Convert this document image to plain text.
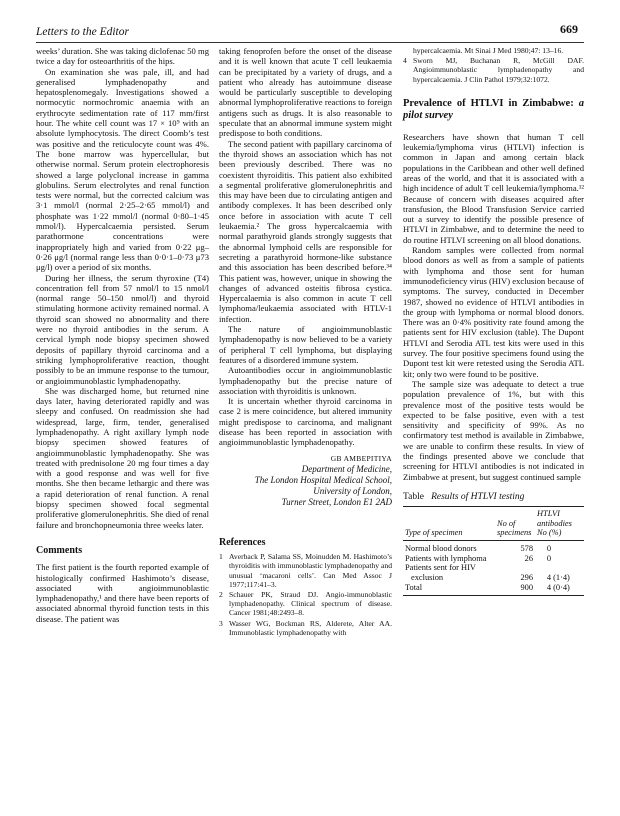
Letters to the Editor	669

weeks’ duration. She was taking diclofenac 50 mg twice a day for osteoarthritis of the hips.

On examination she was pale, ill, and had generalised lymphadenopathy and hepatosplenomegaly. Investigations showed a normocytic normochromic anaemia with an erythrocyte sedimentation rate of 117 mm/first hour. The white cell count was 17 × 10⁹ with an absolute lymphocytosis. The direct Coomb’s test was positive and the reticulocyte count was 4%. The bone marrow was hypercellular, but otherwise normal. Serum protein electrophoresis showed a large polyclonal increase in gamma globulins. Serum electrolytes and renal function tests were normal, but the corrected calcium was 3·1 mmol/l (normal 2·25–2·65 mmol/l) and phosphate was 1·22 mmol/l (normal 0·80–1·45 mmol/l). Hypercalcaemia persisted. Serum parathormone concentrations were inappropriately high and varied from 0·22 μg–0·26 μg/l (normal range less than 0·0·1–0·73 μ73 μg/l) over a period of six months.

During her illness, the serum thyroxine (T4) concentration fell from 57 nmol/l to 15 nmol/l (normal range 50–150 nmol/l) and thyroid stimulating hormone activity remained normal. A thyroid scan showed no abnormality and there were no thyroid antibodies in the serum. A cervical lymph node biopsy specimen showed deposits of papillary thyroid carcinoma and a striking lymphoproliferative reaction, thought possibly to be an immune response to the tumour, or angioimmunoblastic lymphadenopathy.

She was discharged home, but returned nine days later, having deteriorated rapidly and was sleepy and confused. On readmission she had widespread, large, firm, tender, generalised lymphadenopathy. A right axillary lymph node biopsy specimen showed features of angioimmunoblastic lymphadenopathy. She was treated with prednisolone 20 mg four times a day with a good response and was well for five months. She then became lethargic and there was a rapid deterioration of renal function. A renal biopsy specimen showed focal segmental proliferative glomerulonephritis. She died of renal failure and bronchopneumonia three weeks later.

Comments

The first patient is the fourth reported example of histologically confirmed Hashimoto’s disease, associated with angioimmunoblastic lymphadenopathy,¹ and there have been reports of associated abnormal thyroid function tests in this disease. The patient was

taking fenoprofen before the onset of the disease and it is well known that acute T cell leukaemia can be precipitated by a variety of drugs, and a patient who already has autoimmune disease would be particularly susceptible to developing abnormal lymphoproliferative reactions to foreign antigens such as drugs. It is also reasonable to speculate that an abnormal immune system might predispose to both conditions.

The second patient with papillary carcinoma of the thyroid shows an association which has not been previously described. There was no coexistent thyroiditis. This patient also exhibited a segmental proliferative glomerulonephritis and this may have been due to circulating antigen and antibody complexes. It has been described only once before in association with acute T cell leukaemia.² The gross hypercalcaemia with normal parathyroid glands strongly suggests that the abnormal lymphoid cells are responsible for secreting a parathyroid hormone-like substance and this association has been described before.³⁴ This patient was, however, unique in showing the changes of advanced osteitis fibrosa cystica. Hypercalaemia is also common in acute T cell lymphoma/leukaemia associated with HTLV-1 infection.

The nature of angioimmunoblastic lymphadenopathy is now believed to be a variety of peripheral T cell lymphoma, but displaying features of a disordered immune system.

Autoantibodies occur in angioimmunoblastic lymphadenopathy but the precise nature of association with thyroiditis is unknown.

It is uncertain whether thyroid carcinoma in case 2 is mere coincidence, but altered immunity might predispose to carcinoma, and malignant disease has been reported in association with angioimmunoblastic lymphadenopathy.

GB AMBEPITIYA
Department of Medicine,
The London Hospital Medical School,
University of London,
Turner Street, London E1 2AD
References
1 Averback P, Salama SS, Moinudden M. Hashimoto’s thyroiditis with immunoblastic lymphadenopathy and unusual ‘macaroni cells’. Can Med Assoc J 1977;117:41–3.
2 Schauer PK, Straud DJ. Angio-immunoblastic lymphadenopathy. Clinical spectrum of disease. Cancer 1981;48:2493–8.
3 Wasser WG, Bockman RS, Alderete, Alter AA. Immunoblastic lymphadenopathy with
hypercalcaemia. Mt Sinai J Med 1980;47: 13–16.
4 Sworn MJ, Buchanan R, McGill DAF. Angioimmunoblastic lymphadenopathy and hypercalcaemia. J Clin Pathol 1979;32:1072.
Prevalence of HTLVI in Zimbabwe: a pilot survey

Researchers have shown that human T cell leukemia/lymphoma virus (HTLVI) infection is common in Japan and among certain black populations in the Caribbean and other well defined areas of the world, and that it is associated with a high incidence of adult T cell leukemia/lymphoma.¹² Because of concern with diseases acquired after transfusion, the Blood Transfusion Service carried out a survey to identify the possible presence of HTLVI in Zimbabwe, and to determine the need to do routine HTLVI screening on all blood donations.

Random samples were collected from normal blood donors as well as from a sample of patients with lymphoma and those sent for human immunodeficiency virus (HIV) exclusion because of symptoms. The survey, conducted in December 1987, showed no evidence of HTLVI antibodies in the group with lymphoma or normal blood donors. There was an 0·4% positivity rate found among the patients sent for HIV exclusion (table). The Dupont HTLVI and Serodia ATL test kits were used in this survey. The four positive specimens found using the Dupont test kit were retested using the Serodia ATL kit; only two were found to be positive.

The sample size was adequate to detect a true population prevalence of 1%, but with this prevalence most of the positive tests would be expected to be false positive, even with a test sensitivity and specificity of 99%. As no confirmatory test method is available in Zimbabwe, we are unable to confirm these results. In view of the findings presented above we conclude that screening for HTLVI antibodies is not indicated in Zimbabwe at present, but suggest continued sample

Table Results of HTLVI testing
Type of specimen	No of specimens	HTLVI antibodies
No (%)
Normal blood donors	578	0
Patients with lymphoma	26	0
Patients sent for HIV		
exclusion	296	4 (1·4)
Total	900	4 (0·4)
